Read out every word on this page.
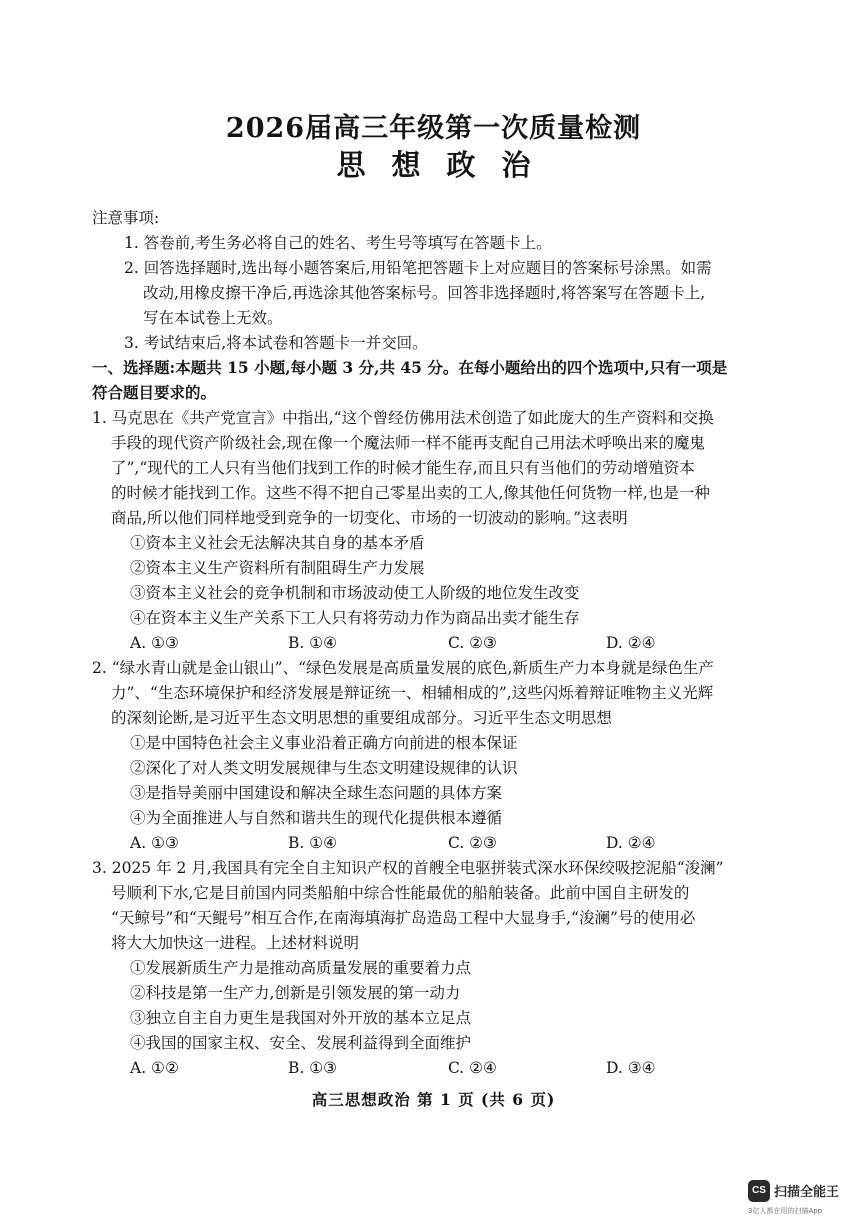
2026届高三年级第一次质量检测
思想政治
注意事项:
1. 答卷前,考生务必将自己的姓名、考生号等填写在答题卡上。
2. 回答选择题时,选出每小题答案后,用铅笔把答题卡上对应题目的答案标号涂黑。如需
改动,用橡皮擦干净后,再选涂其他答案标号。回答非选择题时,将答案写在答题卡上,
写在本试卷上无效。
3. 考试结束后,将本试卷和答题卡一并交回。
一、选择题:本题共 15 小题,每小题 3 分,共 45 分。在每小题给出的四个选项中,只有一项是
符合题目要求的。
1. 马克思在《共产党宣言》中指出,“这个曾经仿佛用法术创造了如此庞大的生产资料和交换
手段的现代资产阶级社会,现在像一个魔法师一样不能再支配自己用法术呼唤出来的魔鬼
了”,“现代的工人只有当他们找到工作的时候才能生存,而且只有当他们的劳动增殖资本
的时候才能找到工作。这些不得不把自己零星出卖的工人,像其他任何货物一样,也是一种
商品,所以他们同样地受到竞争的一切变化、市场的一切波动的影响。”这表明
①资本主义社会无法解决其自身的基本矛盾
②资本主义生产资料所有制阻碍生产力发展
③资本主义社会的竞争机制和市场波动使工人阶级的地位发生改变
④在资本主义生产关系下工人只有将劳动力作为商品出卖才能生存
A. ①③	B. ①④	C. ②③	D. ②④
2. “绿水青山就是金山银山”、“绿色发展是高质量发展的底色,新质生产力本身就是绿色生产
力”、“生态环境保护和经济发展是辩证统一、相辅相成的”,这些闪烁着辩证唯物主义光辉
的深刻论断,是习近平生态文明思想的重要组成部分。习近平生态文明思想
①是中国特色社会主义事业沿着正确方向前进的根本保证
②深化了对人类文明发展规律与生态文明建设规律的认识
③是指导美丽中国建设和解决全球生态问题的具体方案
④为全面推进人与自然和谐共生的现代化提供根本遵循
A. ①③	B. ①④	C. ②③	D. ②④
3. 2025 年 2 月,我国具有完全自主知识产权的首艘全电驱拼装式深水环保绞吸挖泥船“浚澜”
号顺利下水,它是目前国内同类船舶中综合性能最优的船舶装备。此前中国自主研发的
“天鲸号”和“天鲲号”相互合作,在南海填海扩岛造岛工程中大显身手,“浚澜”号的使用必
将大大加快这一进程。上述材料说明
①发展新质生产力是推动高质量发展的重要着力点
②科技是第一生产力,创新是引领发展的第一动力
③独立自主自力更生是我国对外开放的基本立足点
④我国的国家主权、安全、发展利益得到全面维护
A. ①②	B. ①③	C. ②④	D. ③④
高三思想政治 第 1 页 (共 6 页)
CS 扫描全能王
3亿人都在用的扫描App
